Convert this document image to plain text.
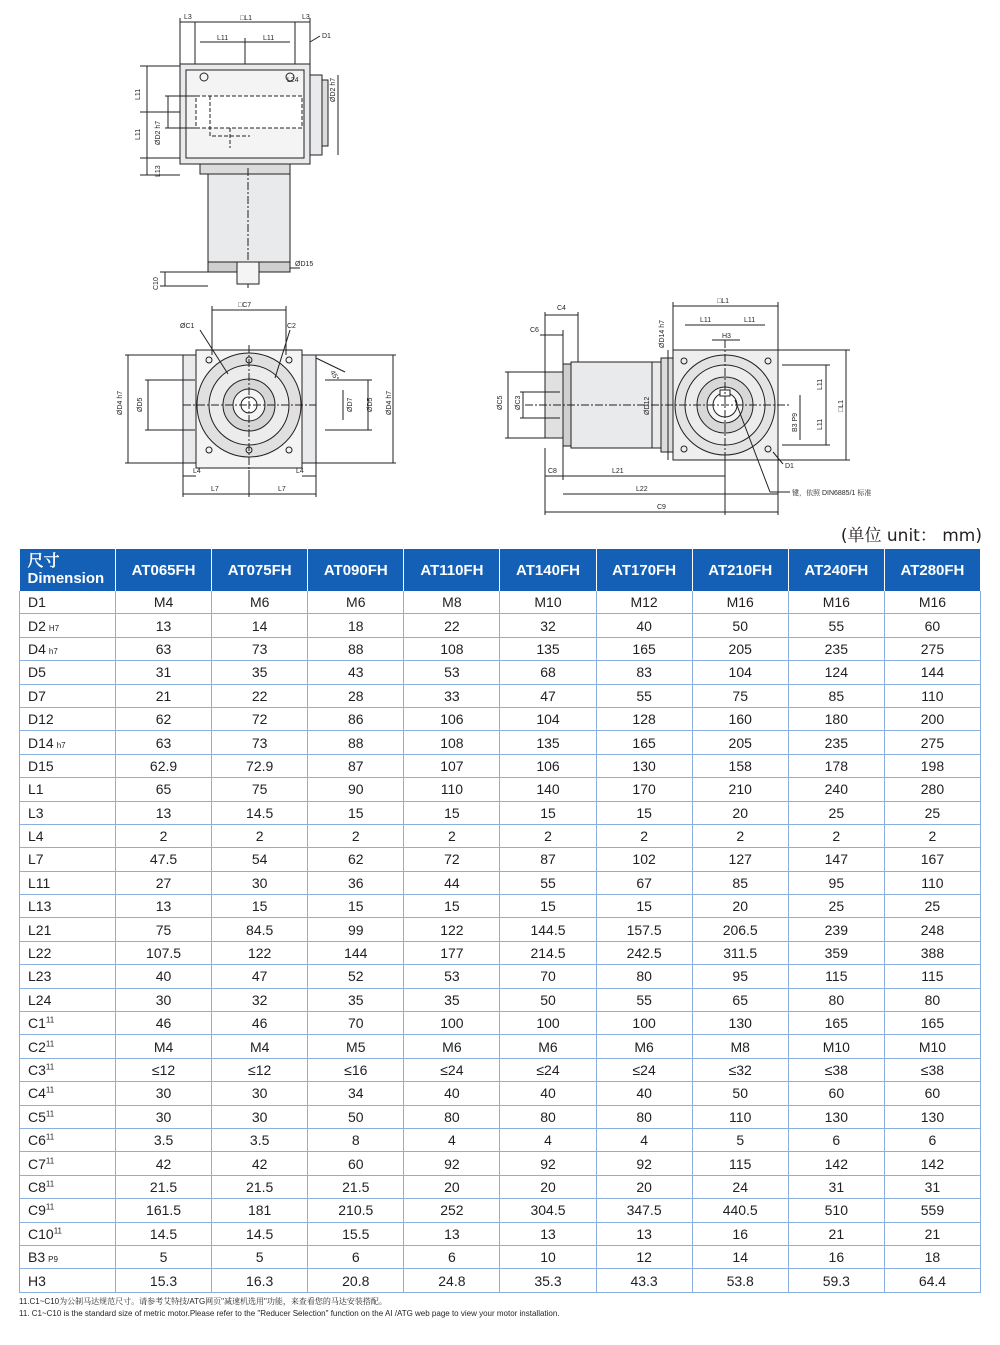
L3	□L1	L3
L11	L11	D1
L24
ØD2 h7
L11
L11
L13
ØD2 h7
ØD15
C10
□C7
ØC1	C2
45°
ØD4 h7 ØD5	ØD7 ØD5 ØD4 h7
L4	L4
L7	L7
□L1
C4
C6	ØD14 h7	L11	L11
H3
ØC5 ØC3	ØD12
B3 P9
L11
L11
□L1
C8	L21
D1
L22
C9
键，依照 DIN6885/1 标准
(单位 unit： mm)
尺寸
Dimension	AT065FH	AT075FH	AT090FH	AT110FH	AT140FH	AT170FH	AT210FH	AT240FH	AT280FH
D1	M4	M6	M6	M8	M10	M12	M16	M16	M16
D2 H7	13	14	18	22	32	40	50	55	60
D4 h7	63	73	88	108	135	165	205	235	275
D5	31	35	43	53	68	83	104	124	144
D7	21	22	28	33	47	55	75	85	110
D12	62	72	86	106	104	128	160	180	200
D14 h7	63	73	88	108	135	165	205	235	275
D15	62.9	72.9	87	107	106	130	158	178	198
L1	65	75	90	110	140	170	210	240	280
L3	13	14.5	15	15	15	15	20	25	25
L4	2	2	2	2	2	2	2	2	2
L7	47.5	54	62	72	87	102	127	147	167
L11	27	30	36	44	55	67	85	95	110
L13	13	15	15	15	15	15	20	25	25
L21	75	84.5	99	122	144.5	157.5	206.5	239	248
L22	107.5	122	144	177	214.5	242.5	311.5	359	388
L23	40	47	52	53	70	80	95	115	115
L24	30	32	35	35	50	55	65	80	80
$C1^{11}$	46	46	70	100	100	100	130	165	165
$C2^{11}$	M4	M4	M5	M6	M6	M6	M8	M10	M10
$C3^{11}$	≤12	≤12	≤16	≤24	≤24	≤24	≤32	≤38	≤38
$C4^{11}$	30	30	34	40	40	40	50	60	60
$C5^{11}$	30	30	50	80	80	80	110	130	130
$C6^{11}$	3.5	3.5	8	4	4	4	5	6	6
$C7^{11}$	42	42	60	92	92	92	115	142	142
$C8^{11}$	21.5	21.5	21.5	20	20	20	24	31	31
$C9^{11}$	161.5	181	210.5	252	304.5	347.5	440.5	510	559
$C10^{11}$	14.5	14.5	15.5	13	13	13	16	21	21
B3 P9	5	5	6	6	10	12	14	16	18
H3	15.3	16.3	20.8	24.8	35.3	43.3	53.8	59.3	64.4
11.C1~C10为公制马达规范尺寸。请参考艾特技/ATG网页"减速机选用"功能，来查看您的马达安装搭配。
11. C1~C10 is the standard size of metric motor.Please refer to the "Reducer Selection" function on the AI /ATG web page to view your motor installation.
